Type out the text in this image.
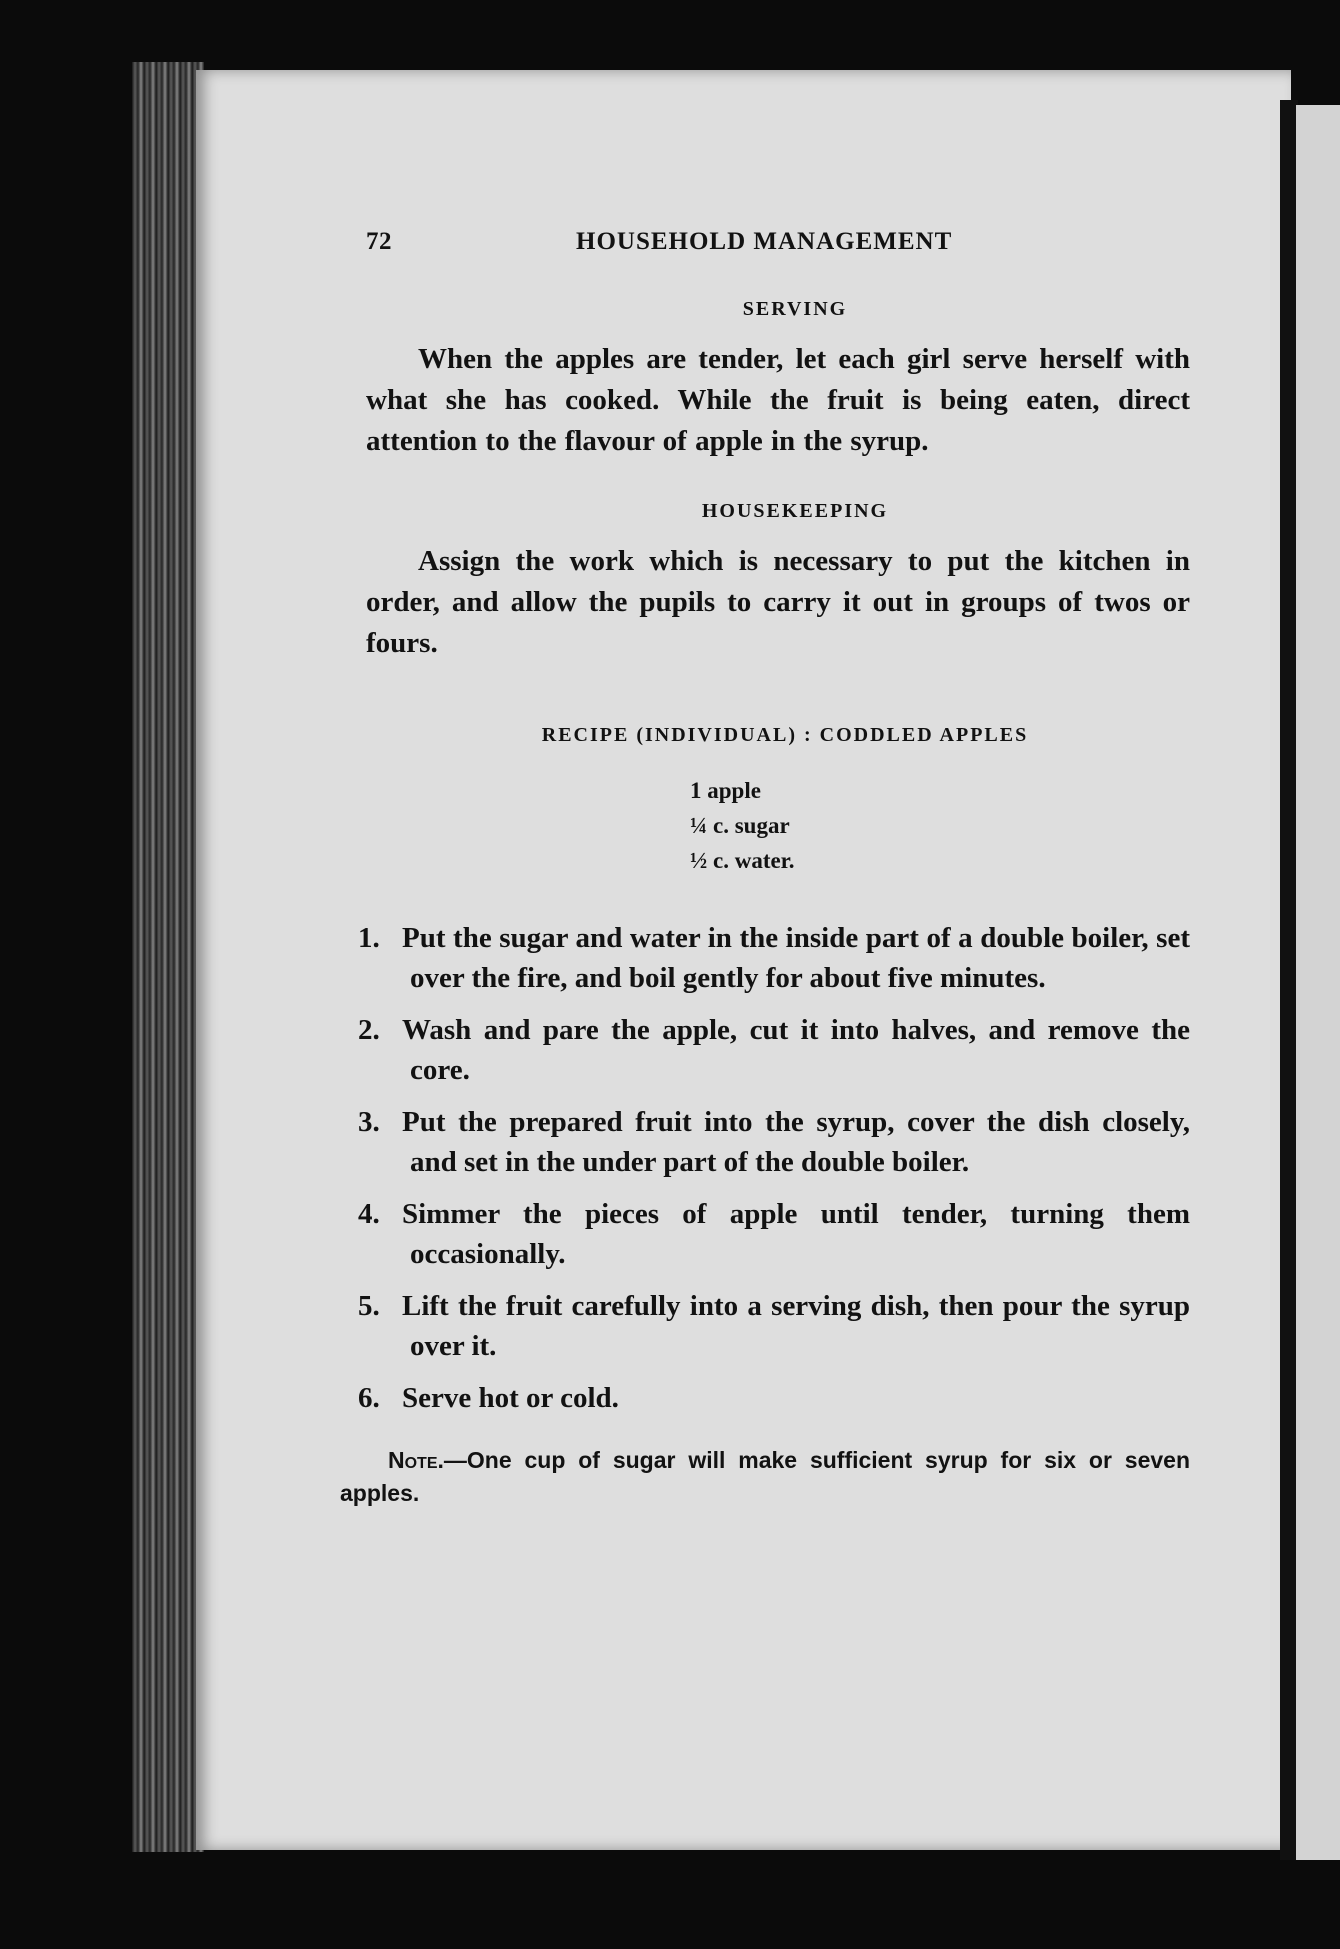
72	HOUSEHOLD MANAGEMENT
SERVING

When the apples are tender, let each girl serve herself with what she has cooked. While the fruit is being eaten, direct attention to the flavour of apple in the syrup.

HOUSEKEEPING

Assign the work which is necessary to put the kitchen in order, and allow the pupils to carry it out in groups of twos or fours.

RECIPE (INDIVIDUAL) : CODDLED APPLES
1 apple
¼ c. sugar
½ c. water.
1. Put the sugar and water in the inside part of a double boiler, set over the fire, and boil gently for about five minutes.
2. Wash and pare the apple, cut it into halves, and remove the core.
3. Put the prepared fruit into the syrup, cover the dish closely, and set in the under part of the double boiler.
4. Simmer the pieces of apple until tender, turning them occasionally.
5. Lift the fruit carefully into a serving dish, then pour the syrup over it.
6. Serve hot or cold.

Note.—One cup of sugar will make sufficient syrup for six or seven apples.
